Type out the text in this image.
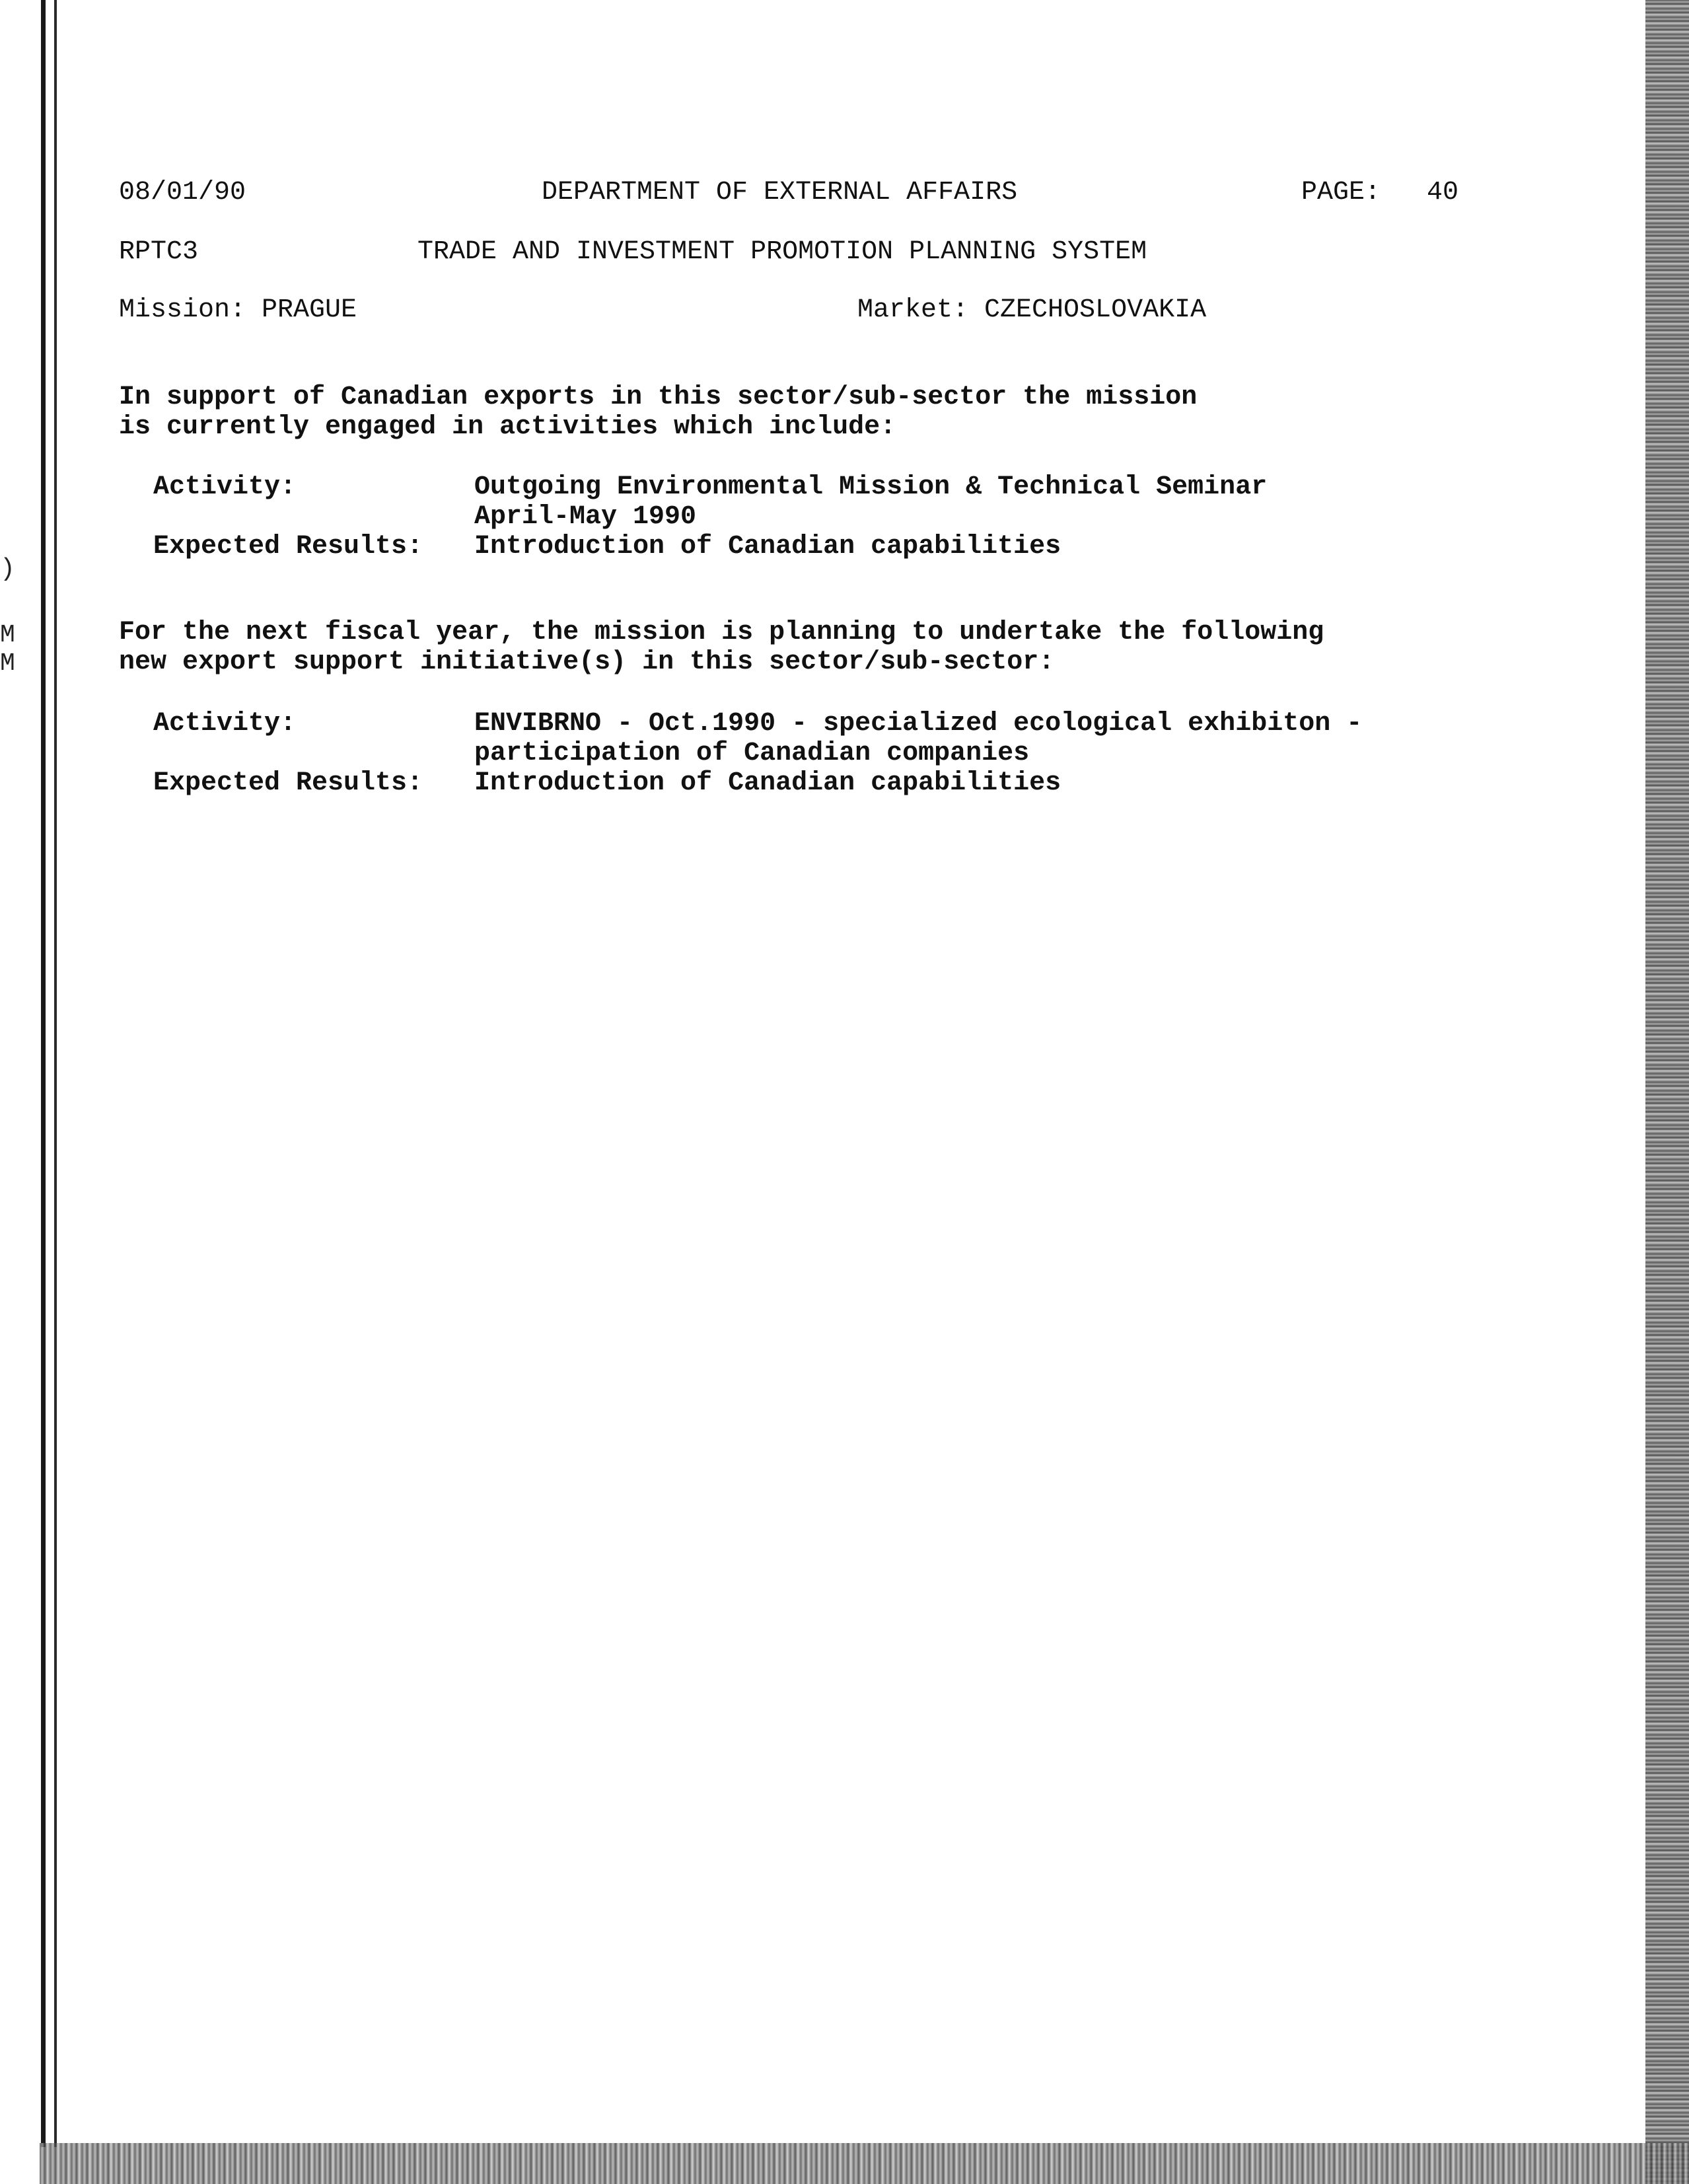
)
M
M
08/01/90	DEPARTMENT OF EXTERNAL AFFAIRS	PAGE: 40
RPTC3	TRADE AND INVESTMENT PROMOTION PLANNING SYSTEM
Mission: PRAGUE	Market: CZECHOSLOVAKIA
In support of Canadian exports in this sector/sub-sector the mission
is currently engaged in activities which include:
Activity:	Outgoing Environmental Mission & Technical Seminar
April-May 1990
Expected Results: Introduction of Canadian capabilities
For the next fiscal year, the mission is planning to undertake the following
new export support initiative(s) in this sector/sub-sector:
Activity:	ENVIBRNO - Oct.1990 - specialized ecological exhibiton -
participation of Canadian companies
Expected Results: Introduction of Canadian capabilities
